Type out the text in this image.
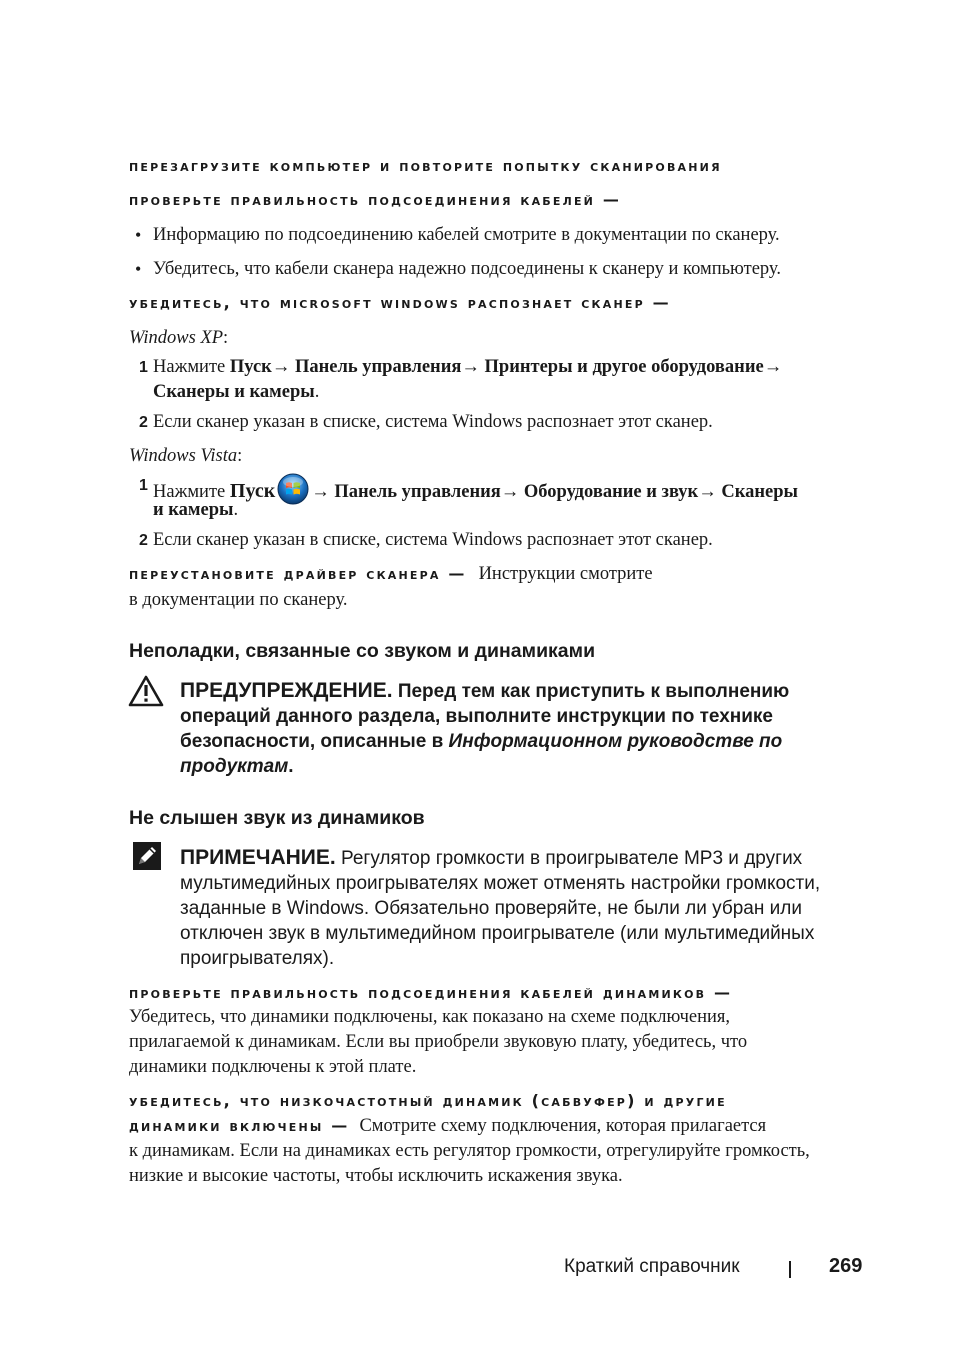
перезагрузите компьютер и повторите попытку сканирования
проверьте правильность подсоединения кабелей —
• Информацию по подсоединению кабелей смотрите в документации по сканеру.
• Убедитесь, что кабели сканера надежно подсоединены к сканеру и компьютеру.
убедитесь, что microsoft windows распознает сканер —
Windows XP:
1 Нажмите Пуск→ Панель управления→ Принтеры и другое оборудование→
Сканеры и камеры.
2 Если сканер указан в списке, система Windows распознает этот сканер.
Windows Vista:
1 Нажмите Пуск → Панель управления→ Оборудование и звук→ Сканеры
и камеры.
2 Если сканер указан в списке, система Windows распознает этот сканер.
переустановите драйвер сканера — Инструкции смотрите
в документации по сканеру.
Неполадки, связанные со звуком и динамиками
ПРЕДУПРЕЖДЕНИЕ. Перед тем как приступить к выполнению операций данного раздела, выполните инструкции по технике безопасности, описанные в Информационном руководстве по продуктам.
Не слышен звук из динамиков
ПРИМЕЧАНИЕ. Регулятор громкости в проигрывателе MP3 и других мультимедийных проигрывателях может отменять настройки громкости, заданные в Windows. Обязательно проверяйте, не были ли убран или отключен звук в мультимедийном проигрывателе (или мультимедийных проигрывателях).
проверьте правильность подсоединения кабелей динамиков —
Убедитесь, что динамики подключены, как показано на схеме подключения,
прилагаемой к динамикам. Если вы приобрели звуковую плату, убедитесь, что
динамики подключены к этой плате.
убедитесь, что низкочастотный динамик (сабвуфер) и другие
динамики включены — Смотрите схему подключения, которая прилагается
к динамикам. Если на динамиках есть регулятор громкости, отрегулируйте громкость,
низкие и высокие частоты, чтобы исключить искажения звука.
Краткий справочник	269
